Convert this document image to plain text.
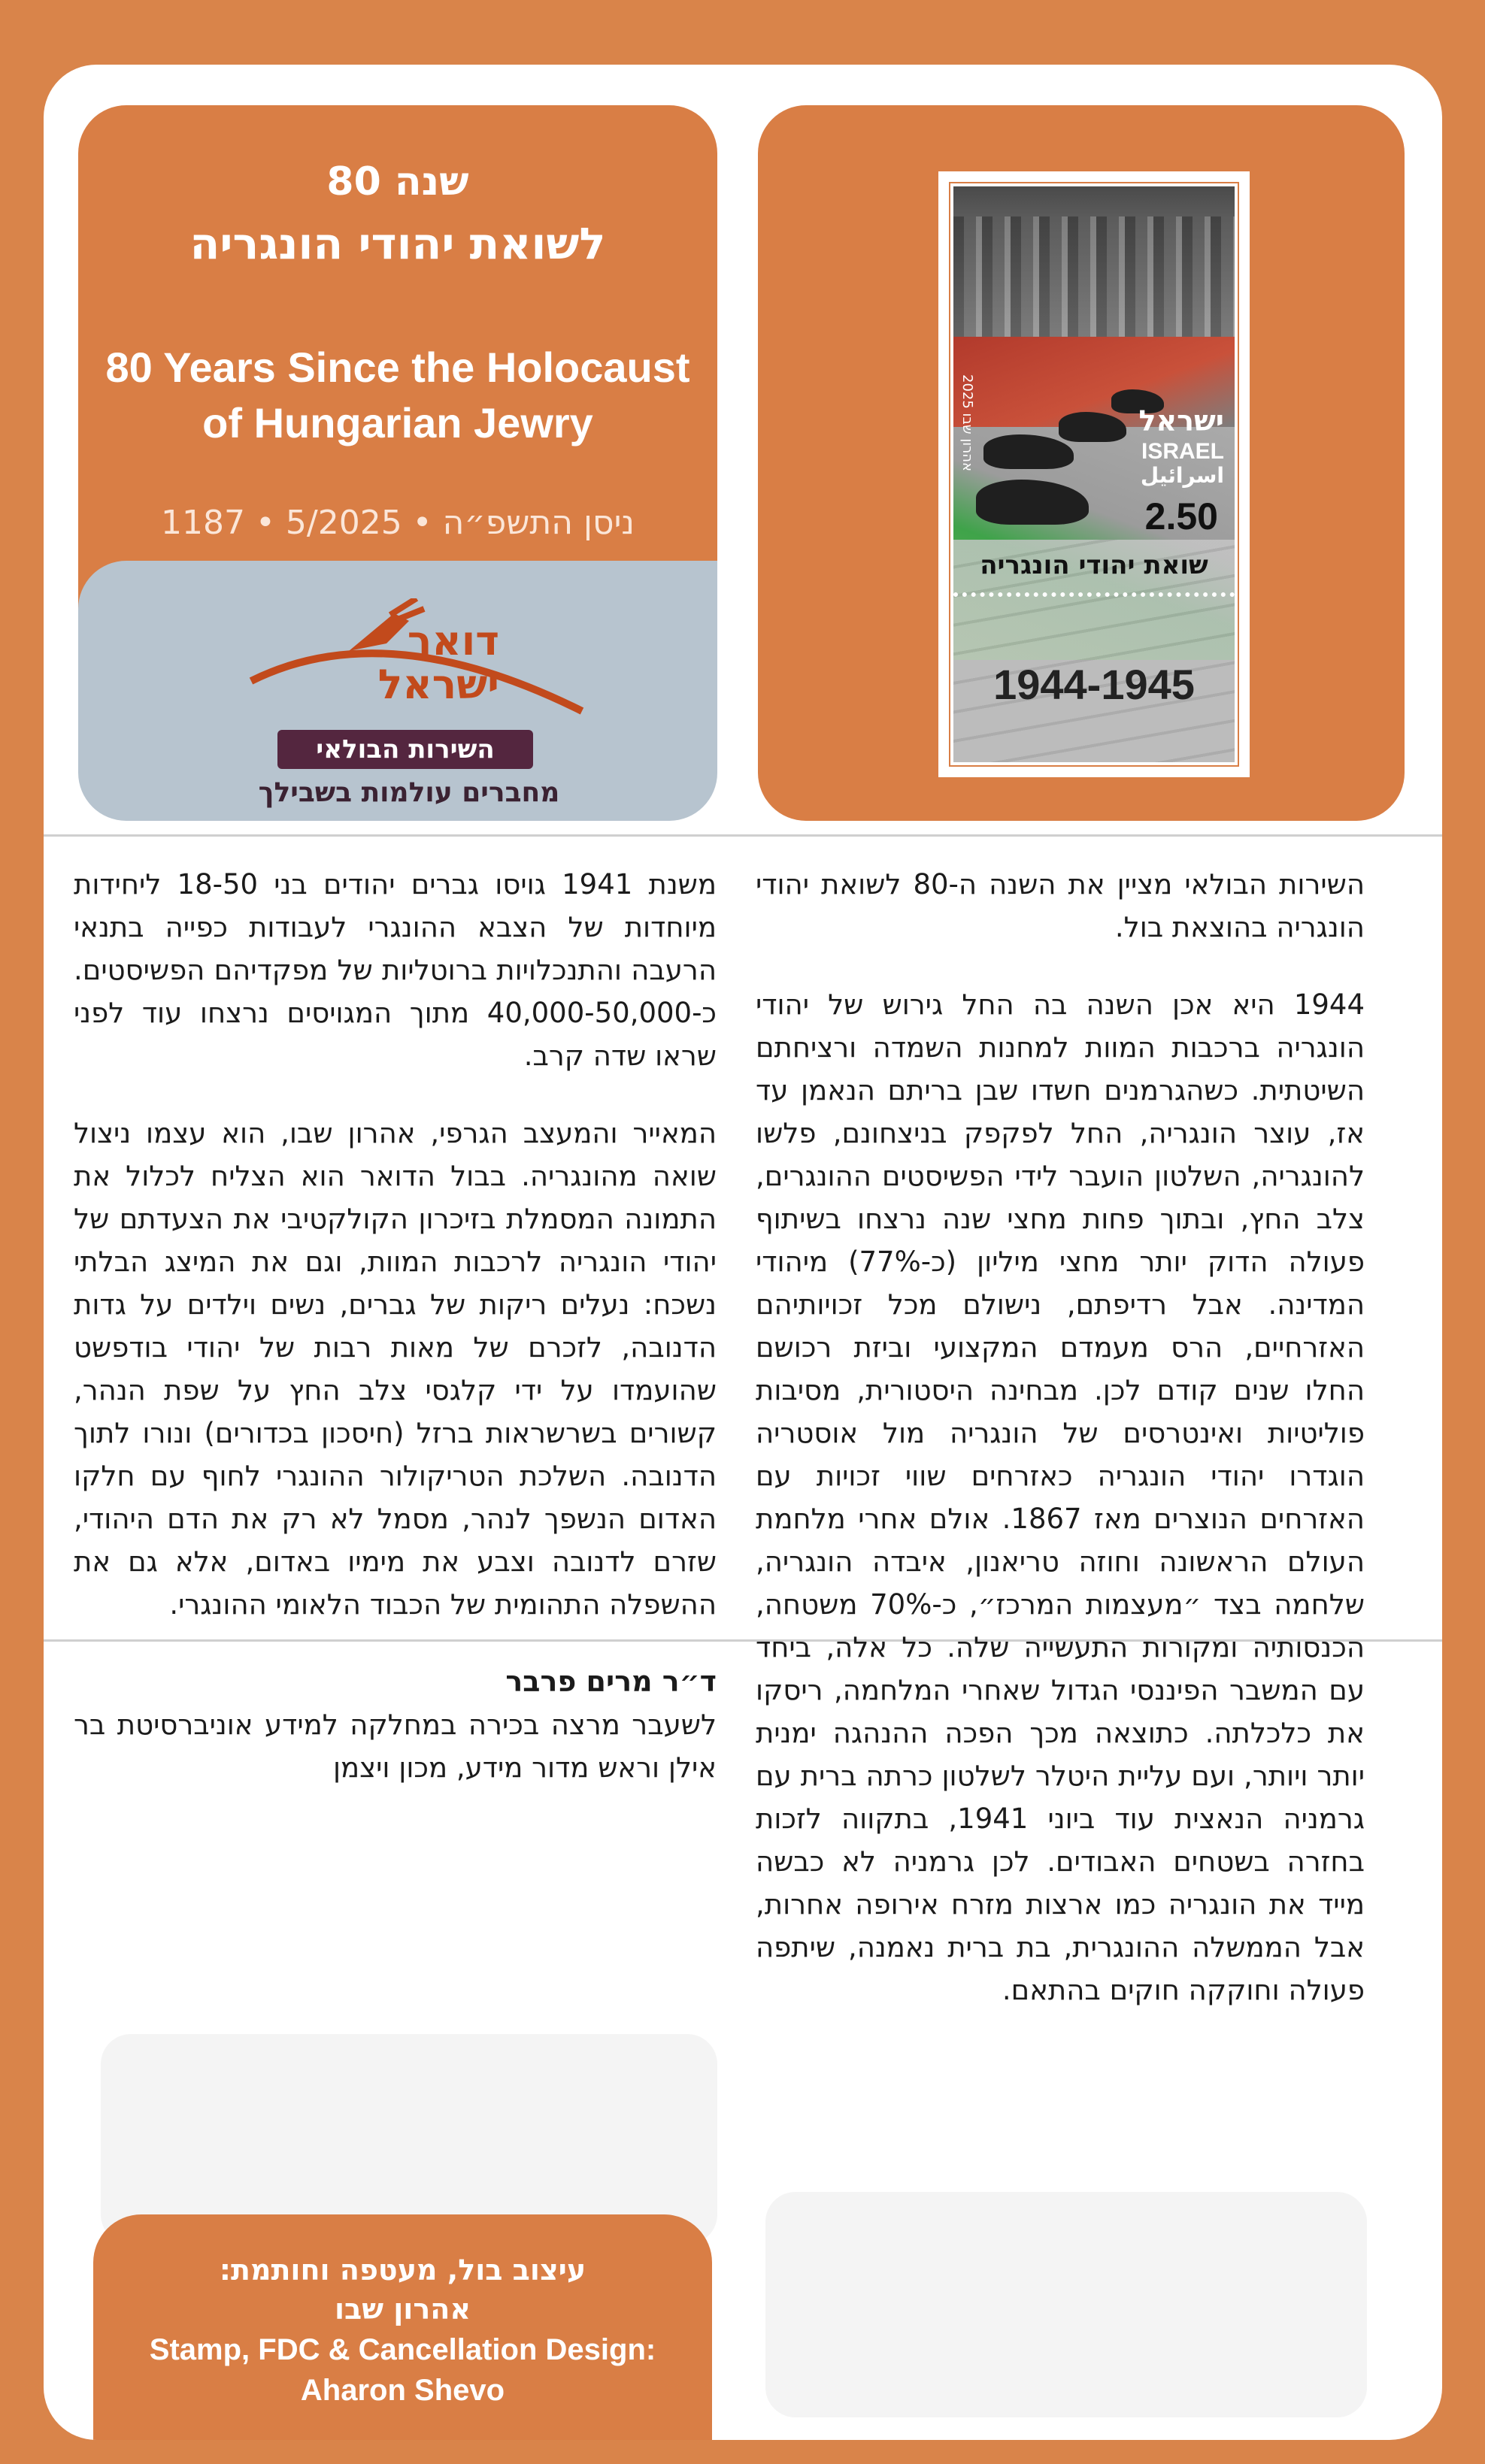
80 שנה
לשואת יהודי הונגריה
80 Years Since the Holocaust
of Hungarian Jewry
ניסן התשפ״ה • 5/2025 • 1187
דואר
ישראל
השירות הבולאי
מחברים עולמות בשבילך
אהרון שבו 2025	ישראל
ISRAEL
اسرائيل
2.50
שואת יהודי הונגריה
1944-1945

השירות הבולאי מציין את השנה ה-80 לשואת יהודי הונגריה בהוצאת בול.

1944 היא אכן השנה בה החל גירוש של יהודי הונגריה ברכבות המוות למחנות השמדה ורציחתם השיטתית. כשהגרמנים חשדו שבן בריתם הנאמן עד אז, עוצר הונגריה, החל לפקפק בניצחונם, פלשו להונגריה, השלטון הועבר לידי הפשיסטים ההונגרים, צלב החץ, ובתוך פחות מחצי שנה נרצחו בשיתוף פעולה הדוק יותר מחצי מיליון (כ-77%) מיהודי המדינה. אבל רדיפתם, נישולם מכל זכויותיהם האזרחיים, הרס מעמדם המקצועי וביזת רכושם החלו שנים קודם לכן. מבחינה היסטורית, מסיבות פוליטיות ואינטרסים של הונגריה מול אוסטריה הוגדרו יהודי הונגריה כאזרחים שווי זכויות עם האזרחים הנוצרים מאז 1867. אולם אחרי מלחמת העולם הראשונה וחוזה טריאנון, איבדה הונגריה, שלחמה בצד ״מעצמות המרכז״, כ-70% משטחה, הכנסותיה ומקורות התעשייה שלה. כל אלה, ביחד עם המשבר הפיננסי הגדול שאחרי המלחמה, ריסקו את כלכלתה. כתוצאה מכך הפכה ההנהגה ימנית יותר ויותר, ועם עליית היטלר לשלטון כרתה ברית עם גרמניה הנאצית עוד ביוני 1941, בתקווה לזכות בחזרה בשטחים האבודים. לכן גרמניה לא כבשה מייד את הונגריה כמו ארצות מזרח אירופה אחרות, אבל הממשלה ההונגרית, בת ברית נאמנה, שיתפה פעולה וחוקקה חוקים בהתאם.

משנת 1941 גויסו גברים יהודים בני 18-50 ליחידות מיוחדות של הצבא ההונגרי לעבודות כפייה בתנאי הרעבה והתנכלויות ברוטליות של מפקדיהם הפשיסטים. כ-40,000-50,000 מתוך המגויסים נרצחו עוד לפני שראו שדה קרב.

המאייר והמעצב הגרפי, אהרון שבו, הוא עצמו ניצול שואה מהונגריה. בבול הדואר הוא הצליח לכלול את התמונה המסמלת בזיכרון הקולקטיבי את הצעדתם של יהודי הונגריה לרכבות המוות, וגם את המיצג הבלתי נשכח: נעלים ריקות של גברים, נשים וילדים על גדות הדנובה, לזכרם של מאות רבות של יהודי בודפשט שהועמדו על ידי קלגסי צלב החץ על שפת הנהר, קשורים בשרשראות ברזל (חיסכון בכדורים) ונורו לתוך הדנובה. השלכת הטריקולור ההונגרי לחוף עם חלקו האדום הנשפך לנהר, מסמל לא רק את הדם היהודי, שזרם לדנובה וצבע את מימיו באדום, אלא גם את ההשפלה התהומית של הכבוד הלאומי ההונגרי.

ד״ר מרים פרבר

לשעבר מרצה בכירה במחלקה למידע אוניברסיטת בר אילן וראש מדור מידע, מכון ויצמן

עיצוב בול, מעטפה וחותמת:
אהרון שבו
Stamp, FDC & Cancellation Design:
Aharon Shevo
